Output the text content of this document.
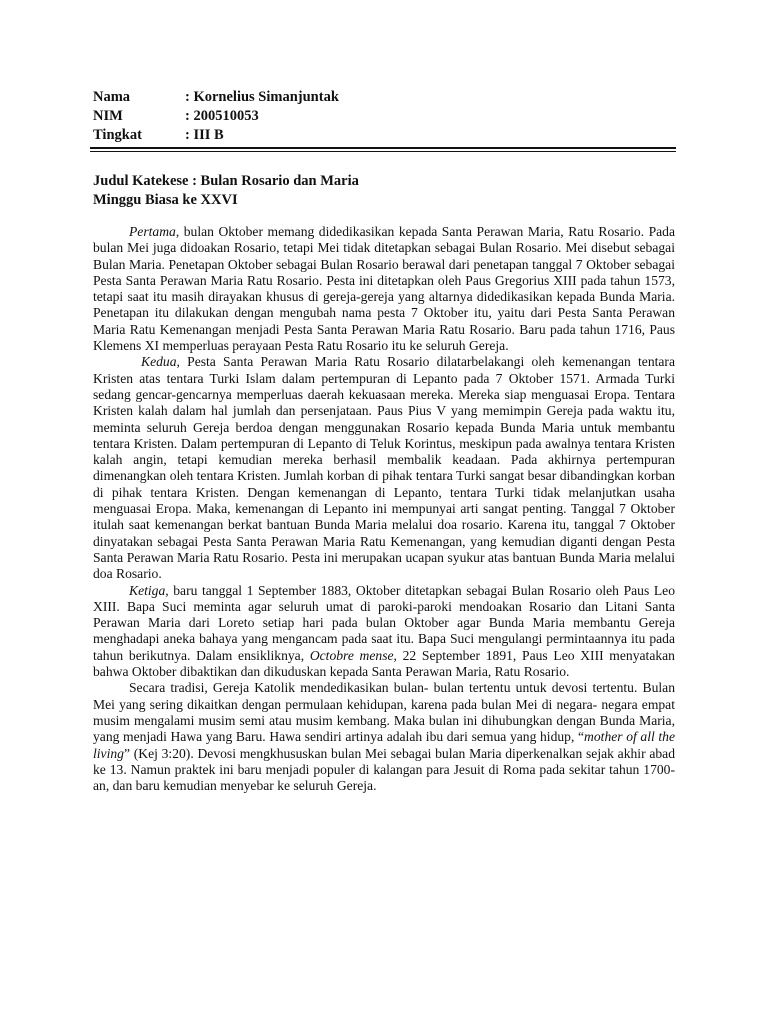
Nama	: Kornelius Simanjuntak
NIM	: 200510053
Tingkat	: III B
Judul Katekese : Bulan Rosario dan Maria
Minggu Biasa ke XXVI

Pertama, bulan Oktober memang didedikasikan kepada Santa Perawan Maria, Ratu Rosario. Pada bulan Mei juga didoakan Rosario, tetapi Mei tidak ditetapkan sebagai Bulan Rosario. Mei disebut sebagai Bulan Maria. Penetapan Oktober sebagai Bulan Rosario berawal dari penetapan tanggal 7 Oktober sebagai Pesta Santa Perawan Maria Ratu Rosario. Pesta ini ditetapkan oleh Paus Gregorius XIII pada tahun 1573, tetapi saat itu masih dirayakan khusus di gereja-gereja yang altarnya didedikasikan kepada Bunda Maria. Penetapan itu dilakukan dengan mengubah nama pesta 7 Oktober itu, yaitu dari Pesta Santa Perawan Maria Ratu Kemenangan menjadi Pesta Santa Perawan Maria Ratu Rosario. Baru pada tahun 1716, Paus Klemens XI memperluas perayaan Pesta Ratu Rosario itu ke seluruh Gereja.

Kedua, Pesta Santa Perawan Maria Ratu Rosario dilatarbelakangi oleh kemenangan tentara Kristen atas tentara Turki Islam dalam pertempuran di Lepanto pada 7 Oktober 1571. Armada Turki sedang gencar-gencarnya memperluas daerah kekuasaan mereka. Mereka siap menguasai Eropa. Tentara Kristen kalah dalam hal jumlah dan persenjataan. Paus Pius V yang memimpin Gereja pada waktu itu, meminta seluruh Gereja berdoa dengan menggunakan Rosario kepada Bunda Maria untuk membantu tentara Kristen. Dalam pertempuran di Lepanto di Teluk Korintus, meskipun pada awalnya tentara Kristen kalah angin, tetapi kemudian mereka berhasil membalik keadaan. Pada akhirnya pertempuran dimenangkan oleh tentara Kristen. Jumlah korban di pihak tentara Turki sangat besar dibandingkan korban di pihak tentara Kristen. Dengan kemenangan di Lepanto, tentara Turki tidak melanjutkan usaha menguasai Eropa. Maka, kemenangan di Lepanto ini mempunyai arti sangat penting. Tanggal 7 Oktober itulah saat kemenangan berkat bantuan Bunda Maria melalui doa rosario. Karena itu, tanggal 7 Oktober dinyatakan sebagai Pesta Santa Perawan Maria Ratu Kemenangan, yang kemudian diganti dengan Pesta Santa Perawan Maria Ratu Rosario. Pesta ini merupakan ucapan syukur atas bantuan Bunda Maria melalui doa Rosario.

Ketiga, baru tanggal 1 September 1883, Oktober ditetapkan sebagai Bulan Rosario oleh Paus Leo XIII. Bapa Suci meminta agar seluruh umat di paroki-paroki mendoakan Rosario dan Litani Santa Perawan Maria dari Loreto setiap hari pada bulan Oktober agar Bunda Maria membantu Gereja menghadapi aneka bahaya yang mengancam pada saat itu. Bapa Suci mengulangi permintaannya itu pada tahun berikutnya. Dalam ensikliknya, Octobre mense, 22 September 1891, Paus Leo XIII menyatakan bahwa Oktober dibaktikan dan dikuduskan kepada Santa Perawan Maria, Ratu Rosario.

Secara tradisi, Gereja Katolik mendedikasikan bulan- bulan tertentu untuk devosi tertentu. Bulan Mei yang sering dikaitkan dengan permulaan kehidupan, karena pada bulan Mei di negara- negara empat musim mengalami musim semi atau musim kembang. Maka bulan ini dihubungkan dengan Bunda Maria, yang menjadi Hawa yang Baru. Hawa sendiri artinya adalah ibu dari semua yang hidup, “mother of all the living” (Kej 3:20). Devosi mengkhususkan bulan Mei sebagai bulan Maria diperkenalkan sejak akhir abad ke 13. Namun praktek ini baru menjadi populer di kalangan para Jesuit di Roma pada sekitar tahun 1700-an, dan baru kemudian menyebar ke seluruh Gereja.
